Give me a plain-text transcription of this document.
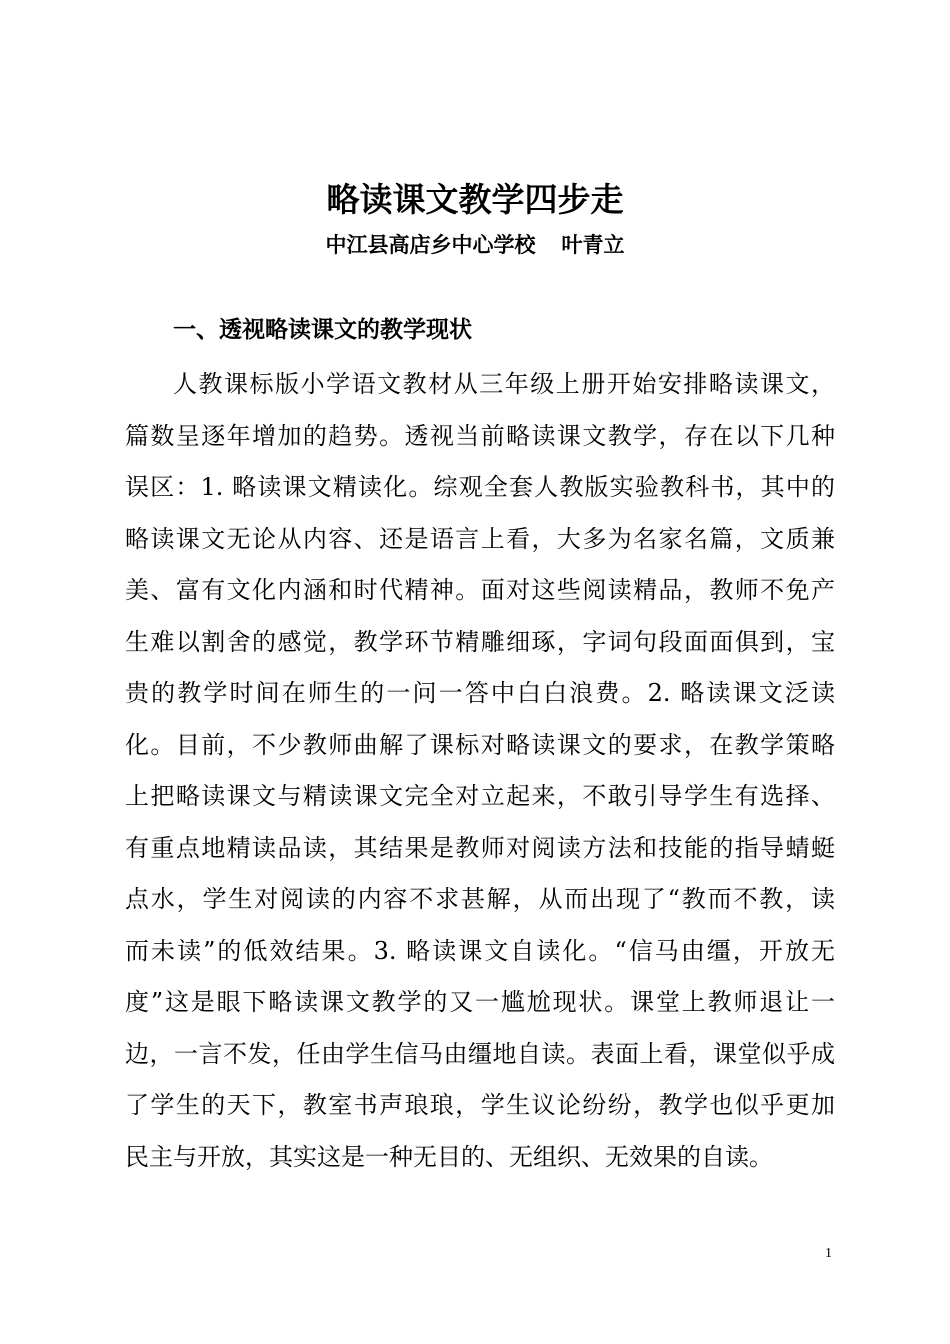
略读课文教学四步走
中江县高店乡中心学校 叶青立
一、透视略读课文的教学现状
人教课标版小学语文教材从三年级上册开始安排略读课文，
篇数呈逐年增加的趋势。透视当前略读课文教学，存在以下几种
误区：1. 略读课文精读化。综观全套人教版实验教科书，其中的
略读课文无论从内容、还是语言上看，大多为名家名篇，文质兼
美、富有文化内涵和时代精神。面对这些阅读精品，教师不免产
生难以割舍的感觉，教学环节精雕细琢，字词句段面面俱到，宝
贵的教学时间在师生的一问一答中白白浪费。2. 略读课文泛读
化。目前，不少教师曲解了课标对略读课文的要求，在教学策略
上把略读课文与精读课文完全对立起来，不敢引导学生有选择、
有重点地精读品读，其结果是教师对阅读方法和技能的指导蜻蜓
点水，学生对阅读的内容不求甚解，从而出现了“教而不教，读
而未读”的低效结果。3. 略读课文自读化。“信马由缰，开放无
度”这是眼下略读课文教学的又一尴尬现状。课堂上教师退让一
边，一言不发，任由学生信马由缰地自读。表面上看，课堂似乎成
了学生的天下，教室书声琅琅，学生议论纷纷，教学也似乎更加
民主与开放，其实这是一种无目的、无组织、无效果的自读。
1
